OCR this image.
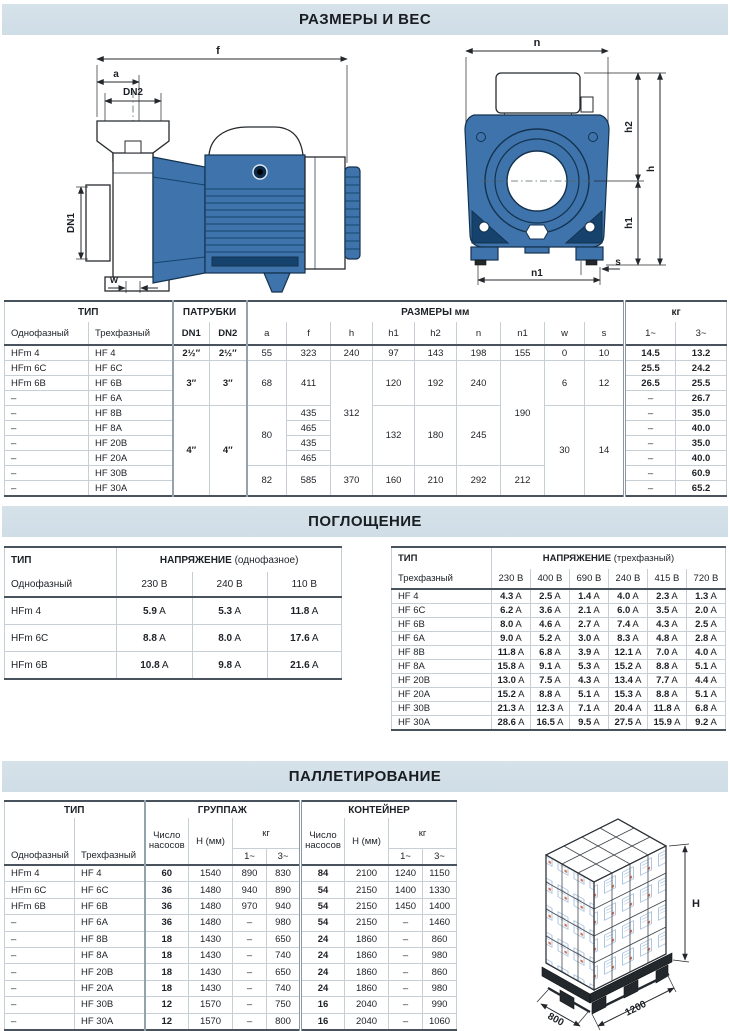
РАЗМЕРЫ И ВЕС
f
a
DN2
DN1
w
n
h2
h
h1
n1
s
ТИП		ПАТРУБКИ		РАЗМЕРЫ мм									кг	
Однофазный	Трехфазный	DN1	DN2	a	f	h	h1	h2	n	n1	w	s	1~	3~
HFm 4	HF 4	2½″	2½″	55	323	240	97	143	198	155	0	10	14.5	13.2
HFm 6C	HF 6C	3″	3″	68	411	312	120	192	240	190	6	12	25.5	24.2
HFm 6B	HF 6B												26.5	25.5
–	HF 6A												–	26.7
–	HF 8B	4″	4″	80	435		132	180	245		30	14	–	35.0
–	HF 8A				465								–	40.0
–	HF 20B				435								–	35.0
–	HF 20A				465								–	40.0
–	HF 30B			82	585	370	160	210	292	212			–	60.9
–	HF 30A												–	65.2
ПОГЛОЩЕНИЕ
ТИП	НАПРЯЖЕНИЕ (однофазное)		
Однофазный	230 В	240 В	110 В
HFm 4	5.9 A	5.3 A	11.8 A
HFm 6C	8.8 A	8.0 A	17.6 A
HFm 6B	10.8 A	9.8 A	21.6 A
ТИП	НАПРЯЖЕНИЕ (трехфазный)					
Трехфазный	230 В	400 В	690 В	240 В	415 В	720 В
HF 4	4.3 A	2.5 A	1.4 A	4.0 A	2.3 A	1.3 A
HF 6C	6.2 A	3.6 A	2.1 A	6.0 A	3.5 A	2.0 A
HF 6B	8.0 A	4.6 A	2.7 A	7.4 A	4.3 A	2.5 A
HF 6A	9.0 A	5.2 A	3.0 A	8.3 A	4.8 A	2.8 A
HF 8B	11.8 A	6.8 A	3.9 A	12.1 A	7.0 A	4.0 A
HF 8A	15.8 A	9.1 A	5.3 A	15.2 A	8.8 A	5.1 A
HF 20B	13.0 A	7.5 A	4.3 A	13.4 A	7.7 A	4.4 A
HF 20A	15.2 A	8.8 A	5.1 A	15.3 A	8.8 A	5.1 A
HF 30B	21.3 A	12.3 A	7.1 A	20.4 A	11.8 A	6.8 A
HF 30A	28.6 A	16.5 A	9.5 A	27.5 A	15.9 A	9.2 A
ПАЛЛЕТИРОВАНИЕ
ТИП		ГРУППАЖ				КОНТЕЙНЕР			
Однофазный	Трехфазный	Число насосов	Н (мм)	кг		Число насосов	Н (мм)	кг	
				1~	3~			1~	3~
HFm 4	HF 4	60	1540	890	830	84	2100	1240	1150
HFm 6C	HF 6C	36	1480	940	890	54	2150	1400	1330
HFm 6B	HF 6B	36	1480	970	940	54	2150	1450	1400
–	HF 6A	36	1480	–	980	54	2150	–	1460
–	HF 8B	18	1430	–	650	24	1860	–	860
–	HF 8A	18	1430	–	740	24	1860	–	980
–	HF 20B	18	1430	–	650	24	1860	–	860
–	HF 20A	18	1430	–	740	24	1860	–	980
–	HF 30B	12	1570	–	750	16	2040	–	990
–	HF 30A	12	1570	–	800	16	2040	–	1060
H
1200
800
